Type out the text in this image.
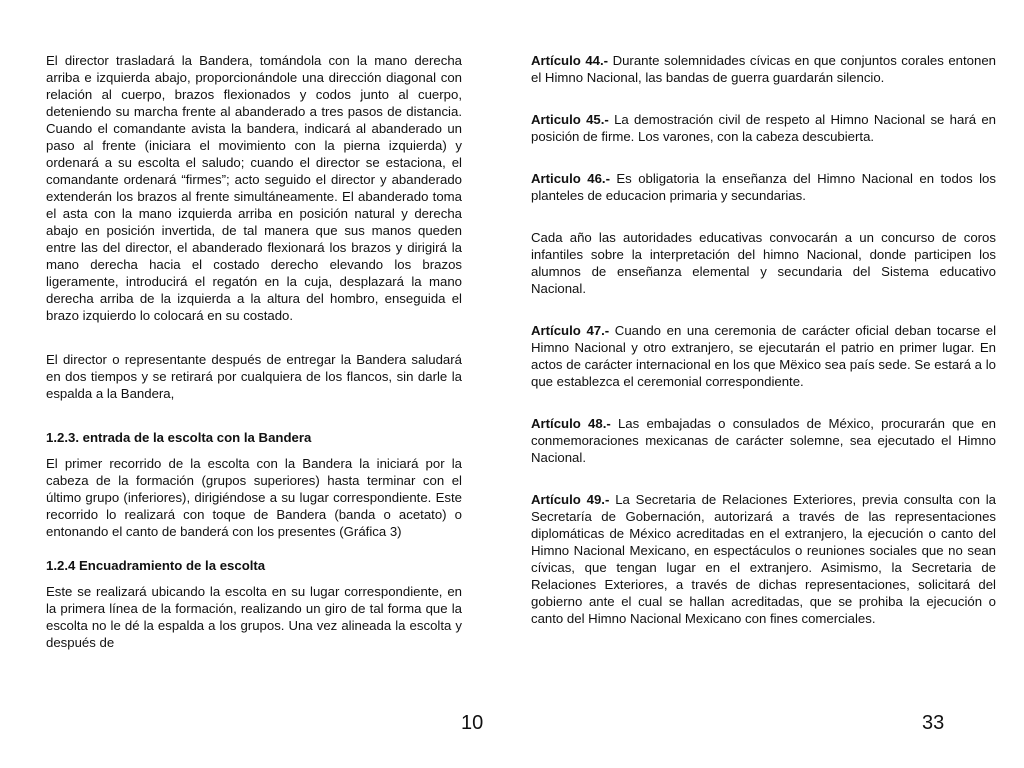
El director trasladará la Bandera, tomándola con la mano derecha arriba e izquierda abajo, proporcionándole una dirección diagonal con relación al cuerpo, brazos flexionados y codos junto al cuerpo, deteniendo su marcha frente al abanderado a tres pasos de distancia. Cuando el comandante avista la bandera, indicará al abanderado un paso al frente (iniciara el movimiento con la pierna izquierda) y ordenará a su escolta el saludo; cuando el director se estaciona, el comandante ordenará “firmes”; acto seguido el director y abanderado extenderán los brazos al frente simultáneamente. El abanderado toma el asta con la mano izquierda arriba en posición natural y derecha abajo en posición invertida, de tal manera que sus manos queden entre las del director, el abanderado flexionará los brazos y dirigirá la mano derecha hacia el costado derecho elevando los brazos ligeramente, introducirá el regatón en la cuja, desplazará la mano derecha arriba de la izquierda a la altura del hombro, enseguida el brazo izquierdo lo colocará en su costado.

El director o representante después de entregar la Bandera saludará en dos tiempos y se retirará por cualquiera de los flancos, sin darle la espalda a la Bandera,

1.2.3. entrada de la escolta con la Bandera

El primer recorrido de la escolta con la Bandera la iniciará por la cabeza de la formación (grupos superiores) hasta terminar con el último grupo (inferiores), dirigiéndose a su lugar correspondiente. Este recorrido lo realizará con toque de Bandera (banda o acetato) o entonando el canto de banderá con los presentes (Gráfica 3)

1.2.4 Encuadramiento de la escolta

Este se realizará ubicando la escolta en su lugar correspondiente, en la primera línea de la formación, realizando un giro de tal forma que la escolta no le dé la espalda a los grupos. Una vez alineada la escolta y después de

Artículo 44.- Durante solemnidades cívicas en que conjuntos corales entonen el Himno Nacional, las bandas de guerra guardarán silencio.

Articulo 45.- La demostración civil de respeto al Himno Nacional se hará en posición de firme. Los varones, con la cabeza descubierta.

Articulo 46.- Es obligatoria la enseñanza del Himno Nacional en todos los planteles de educacion primaria y secundarias.

Cada año las autoridades educativas convocarán a un concurso de coros infantiles sobre la interpretación del himno Nacional, donde participen los alumnos de enseñanza elemental y secundaria del Sistema educativo Nacional.

Artículo 47.- Cuando en una ceremonia de carácter oficial deban tocarse el Himno Nacional y otro extranjero, se ejecutarán el patrio en primer lugar. En actos de carácter internacional en los que Mëxico sea país sede. Se estará a lo que establezca el ceremonial correspondiente.

Artículo 48.- Las embajadas o consulados de México, procurarán que en conmemoraciones mexicanas de carácter solemne, sea ejecutado el Himno Nacional.

Artículo 49.- La Secretaria de Relaciones Exteriores, previa consulta con la Secretaría de Gobernación, autorizará a través de las representaciones diplomáticas de México acreditadas en el extranjero, la ejecución o canto del Himno Nacional Mexicano, en espectáculos o reuniones sociales que no sean cívicas, que tengan lugar en el extranjero. Asimismo, la Secretaria de Relaciones Exteriores, a través de dichas representaciones, solicitará del gobierno ante el cual se hallan acreditadas, que se prohiba la ejecución o canto del Himno Nacional Mexicano con fines comerciales.

10	33
